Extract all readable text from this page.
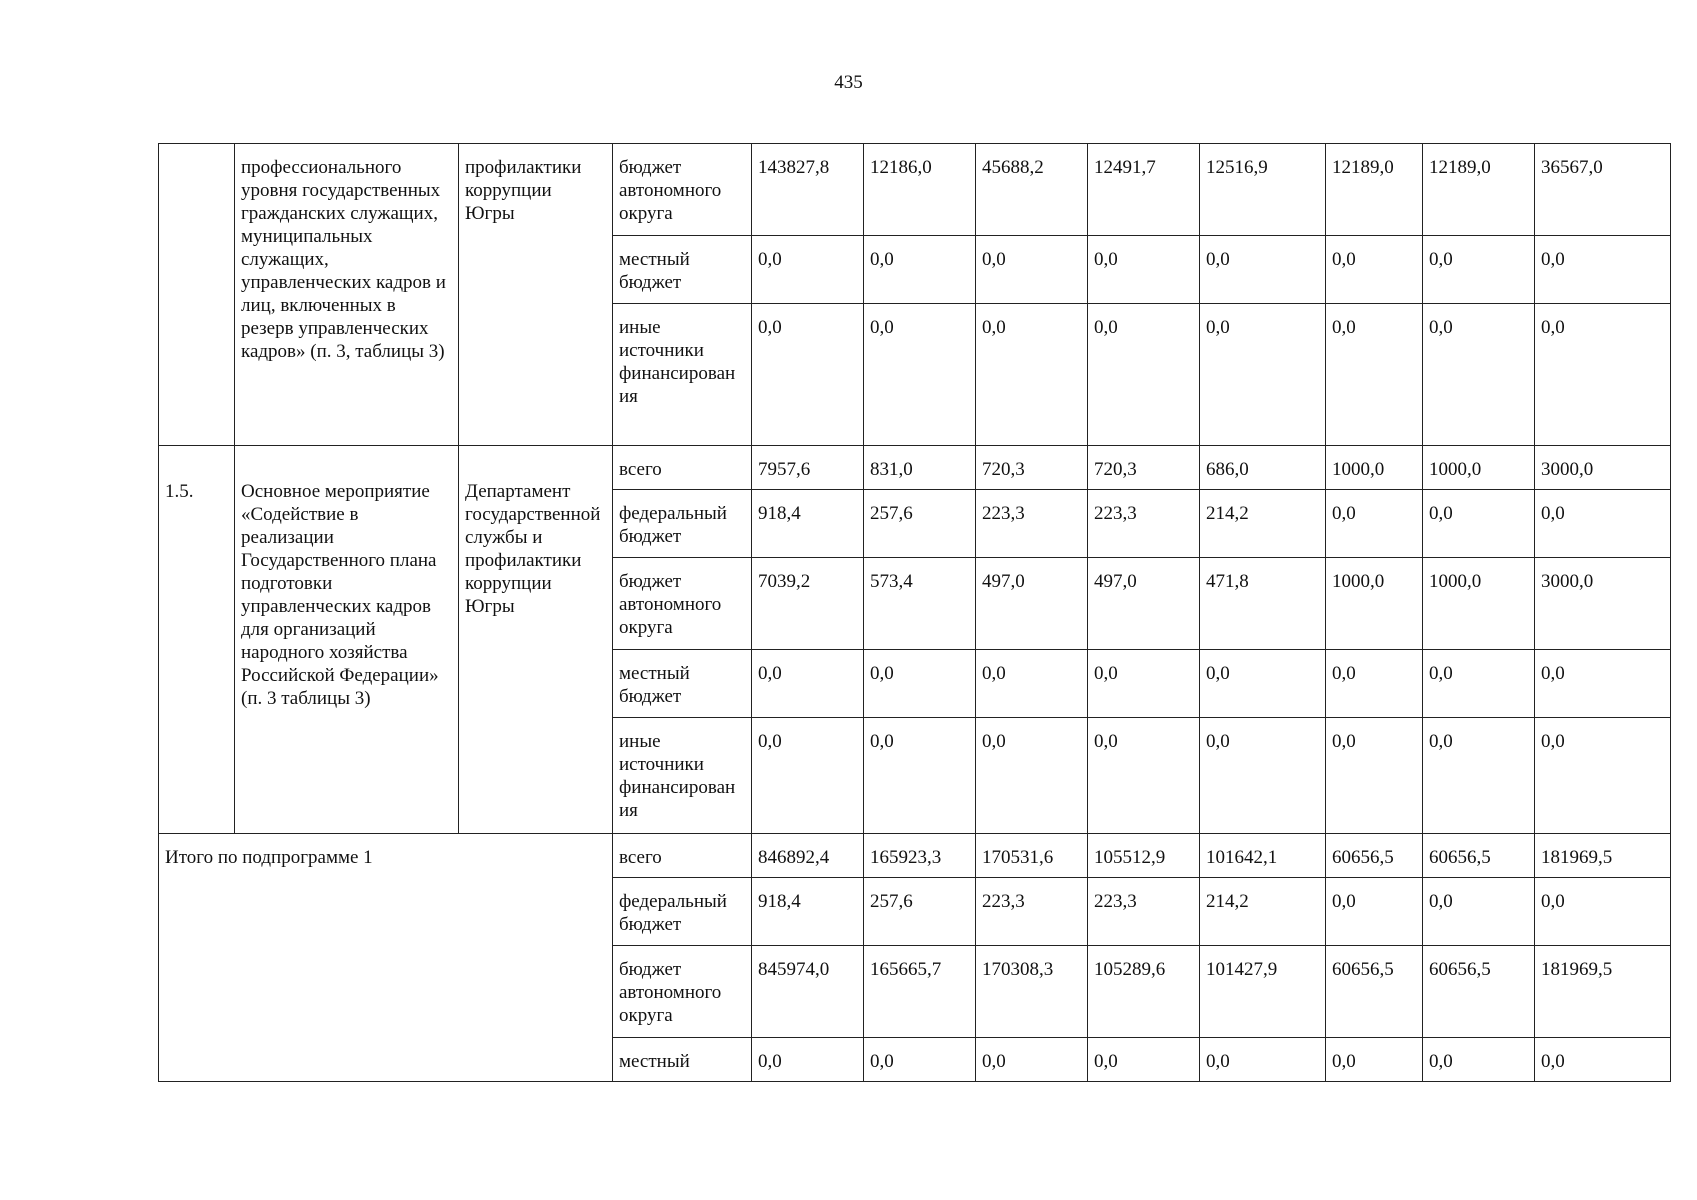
435
	профессионального уровня государственных гражданских служащих, муниципальных служащих, управленческих кадров и лиц, включенных в резерв управленческих кадров» (п. 3, таблицы 3)	профилактики коррупции Югры	бюджет автономного округа	143827,8	12186,0	45688,2	12491,7	12516,9	12189,0	12189,0	36567,0
			местный бюджет	0,0	0,0	0,0	0,0	0,0	0,0	0,0	0,0
			иные источники финансирования	0,0	0,0	0,0	0,0	0,0	0,0	0,0	0,0
1.5.	Основное мероприятие «Содействие в реализации Государственного плана подготовки управленческих кадров для организаций народного хозяйства Российской Федерации» (п. 3 таблицы 3)	Департамент государственной службы и профилактики коррупции Югры	всего	7957,6	831,0	720,3	720,3	686,0	1000,0	1000,0	3000,0
			федеральный бюджет	918,4	257,6	223,3	223,3	214,2	0,0	0,0	0,0
			бюджет автономного округа	7039,2	573,4	497,0	497,0	471,8	1000,0	1000,0	3000,0
			местный бюджет	0,0	0,0	0,0	0,0	0,0	0,0	0,0	0,0
			иные источники финансирования	0,0	0,0	0,0	0,0	0,0	0,0	0,0	0,0
Итого по подпрограмме 1			всего	846892,4	165923,3	170531,6	105512,9	101642,1	60656,5	60656,5	181969,5
			федеральный бюджет	918,4	257,6	223,3	223,3	214,2	0,0	0,0	0,0
			бюджет автономного округа	845974,0	165665,7	170308,3	105289,6	101427,9	60656,5	60656,5	181969,5
			местный	0,0	0,0	0,0	0,0	0,0	0,0	0,0	0,0
